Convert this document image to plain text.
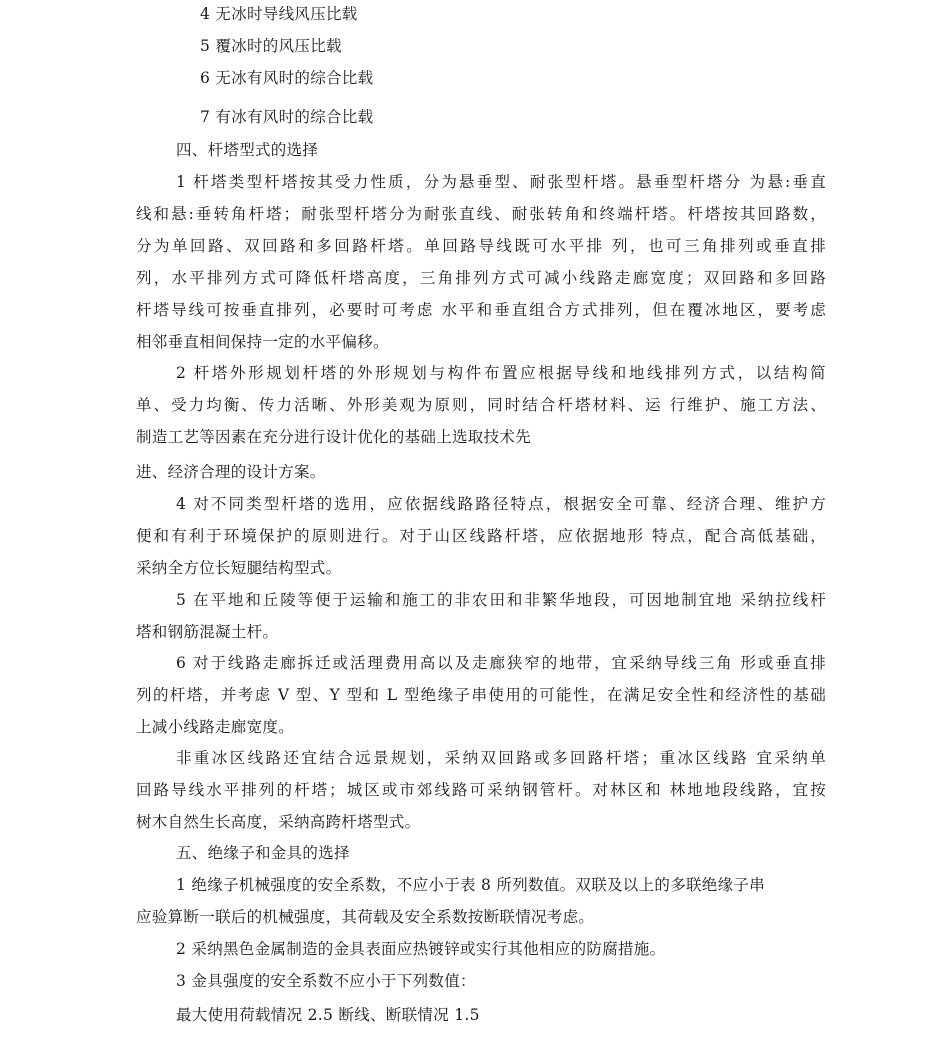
4 无冰时导线风压比载
5 覆冰时的风压比载
6 无冰有风时的综合比载
7 有冰有风时的综合比载
四、杆塔型式的选择
1 杆塔类型杆塔按其受力性质，分为悬垂型、耐张型杆塔。悬垂型杆塔分 为悬:垂直
线和悬:垂转角杆塔；耐张型杆塔分为耐张直线、耐张转角和终端杆塔。杆塔按其回路数，
分为单回路、双回路和多回路杆塔。单回路导线既可水平排 列，也可三角排列或垂直排
列，水平排列方式可降低杆塔高度，三角排列方式可减小线路走廊宽度；双回路和多回路
杆塔导线可按垂直排列，必要时可考虑 水平和垂直组合方式排列，但在覆冰地区，要考虑
相邻垂直相间保持一定的水平偏移。
2 杆塔外形规划杆塔的外形规划与构件布置应根据导线和地线排列方式，以结构简
单、受力均衡、传力活晰、外形美观为原则，同时结合杆塔材料、运 行维护、施工方法、
制造工艺等因素在充分进行设计优化的基础上选取技术先
进、经济合理的设计方案。
4 对不同类型杆塔的选用，应依据线路路径特点，根据安全可靠、经济合理、维护方
便和有利于环境保护的原则进行。对于山区线路杆塔，应依据地形 特点，配合高低基础，
采纳全方位长短腿结构型式。
5 在平地和丘陵等便于运输和施工的非农田和非繁华地段，可因地制宜地 采纳拉线杆
塔和钢筋混凝土杆。
6 对于线路走廊拆迁或活理费用高以及走廊狭窄的地带，宜采纳导线三角 形或垂直排
列的杆塔，并考虑 V 型、Y 型和 L 型绝缘子串使用的可能性，在满足安全性和经济性的基础
上减小线路走廊宽度。
非重冰区线路还宜结合远景规划，采纳双回路或多回路杆塔；重冰区线路 宜采纳单
回路导线水平排列的杆塔；城区或市郊线路可采纳钢管杆。对林区和 林地地段线路，宜按
树木自然生长高度，采纳高跨杆塔型式。
五、绝缘子和金具的选择
1 绝缘子机械强度的安全系数，不应小于表 8 所列数值。双联及以上的多联绝缘子串
应验算断一联后的机械强度，其荷载及安全系数按断联情况考虑。
2 采纳黑色金属制造的金具表面应热镀锌或实行其他相应的防腐措施。
3 金具强度的安全系数不应小于下列数值：
最大使用荷载情况 2.5 断线、断联情况 1.5
